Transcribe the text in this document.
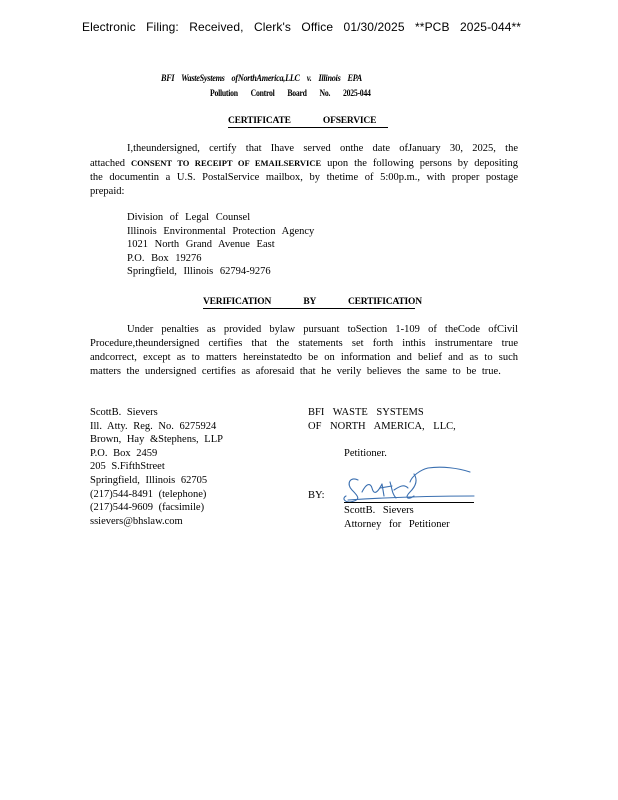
Electronic Filing: Received, Clerk's Office 01/30/2025 **PCB 2025-044**
BFI WasteSystems ofNorthAmerica,LLC v. Illinois EPA
Pollution Control Board No. 2025-044
CERTIFICATE OFSERVICE

I,theundersigned, certify that Ihave served onthe date ofJanuary 30, 2025, the attached CONSENT TO RECEIPT OF EMAILSERVICE upon the following persons by depositing the documentin a U.S. PostalService mailbox, by thetime of 5:00p.m., with proper postage prepaid:

Division of Legal Counsel
Illinois Environmental Protection Agency
1021 North Grand Avenue East
P.O. Box 19276
Springfield, Illinois 62794-9276
VERIFICATION BY CERTIFICATION

Under penalties as provided bylaw pursuant toSection 1-109 of theCode ofCivil Procedure,theundersigned certifies that the statements set forth inthis instrumentare true andcorrect, except as to matters hereinstatedto be on information and belief and as to such matters the undersigned certifies as aforesaid that he verily believes the same to be true.

ScottB. Sievers
Ill. Atty. Reg. No. 6275924
Brown, Hay &Stephens, LLP
P.O. Box 2459
205 S.FifthStreet
Springfield, Illinois 62705
(217)544-8491 (telephone)
(217)544-9609 (facsimile)
ssievers@bhslaw.com
BFI WASTE SYSTEMS
OF NORTH AMERICA, LLC,
Petitioner.
BY:
ScottB. Sievers
Attorney for Petitioner
